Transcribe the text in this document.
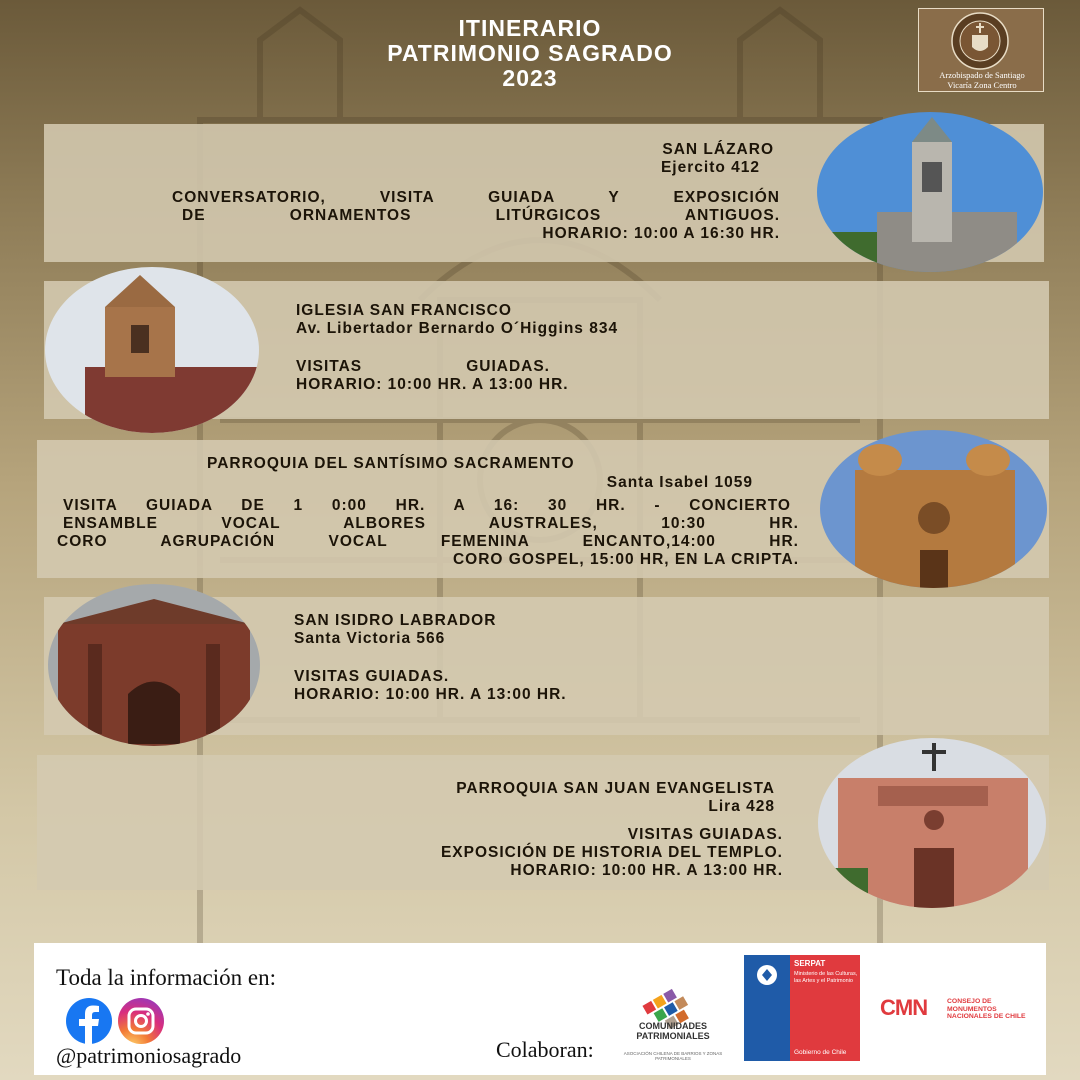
ITINERARIO
PATRIMONIO SAGRADO
2023	Arzobispado de Santiago
Vicaría Zona Centro
SAN LÁZARO
Ejercito 412
CONVERSATORIO, VISITA GUIADA Y EXPOSICIÓN
DE ORNAMENTOS LITÚRGICOS ANTIGUOS.
HORARIO: 10:00 A 16:30 HR.
IGLESIA SAN FRANCISCO
Av. Libertador Bernardo O´Higgins 834
VISITAS GUIADAS.
HORARIO: 10:00 HR. A 13:00 HR.
PARROQUIA DEL SANTÍSIMO SACRAMENTO
Santa Isabel 1059
VISITA GUIADA DE 1 0:00 HR. A 16: 30 HR. - CONCIERTO
ENSAMBLE VOCAL ALBORES AUSTRALES, 10:30 HR.
CORO AGRUPACIÓN VOCAL FEMENINA ENCANTO,14:00 HR.
CORO GOSPEL, 15:00 HR, EN LA CRIPTA.
SAN ISIDRO LABRADOR
Santa Victoria 566
VISITAS GUIADAS.
HORARIO: 10:00 HR. A 13:00 HR.
PARROQUIA SAN JUAN EVANGELISTA
Lira 428
VISITAS GUIADAS.
EXPOSICIÓN DE HISTORIA DEL TEMPLO.
HORARIO: 10:00 HR. A 13:00 HR.
Toda la información en:
@patrimoniosagrado	Colaboran:
COMUNIDADES
PATRIMONIALES
ASOCIACIÓN CHILENA DE BARRIOS Y ZONAS PATRIMONIALES
SERPAT
Ministerio de las Culturas, las Artes y el Patrimonio
Gobierno de Chile
CMN	CONSEJO DE MONUMENTOS NACIONALES DE CHILE
